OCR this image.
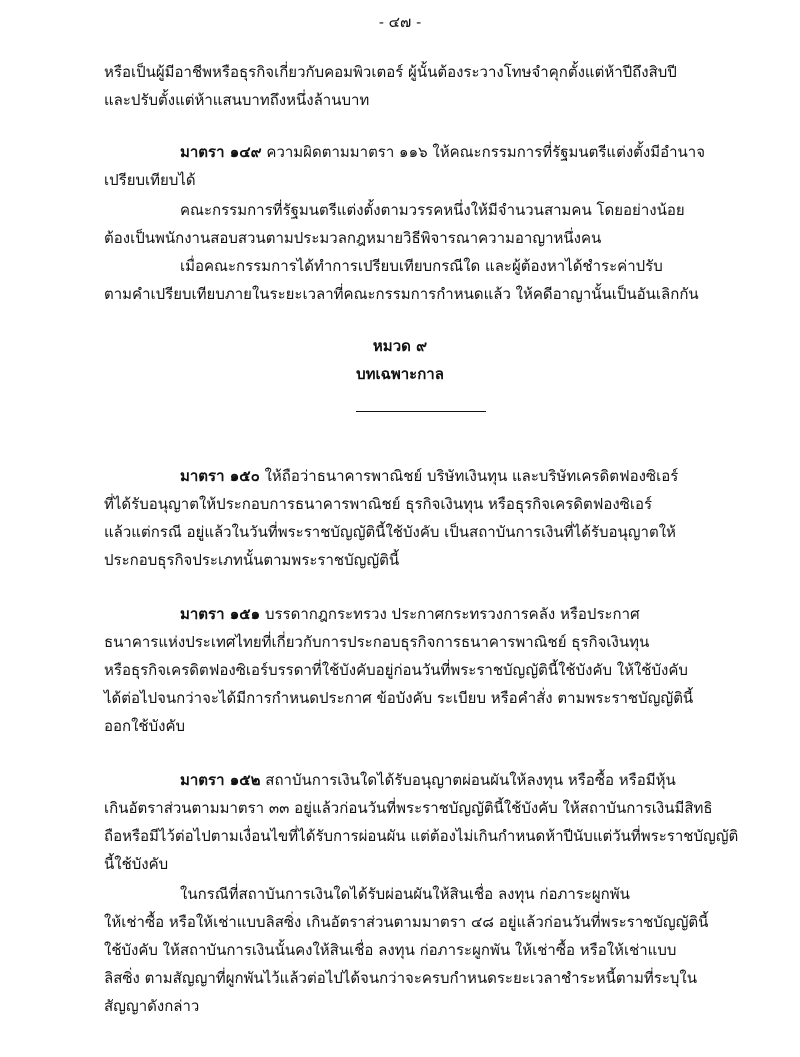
- ๔๗ -
หรือเป็นผู้มีอาชีพหรือธุรกิจเกี่ยวกับคอมพิวเตอร์ ผู้นั้นต้องระวางโทษจำคุกตั้งแต่ห้าปีถึงสิบปี
และปรับตั้งแต่ห้าแสนบาทถึงหนึ่งล้านบาท
มาตรา ๑๔๙ ความผิดตามมาตรา ๑๑๖ ให้คณะกรรมการที่รัฐมนตรีแต่งตั้งมีอำนาจ
เปรียบเทียบได้
คณะกรรมการที่รัฐมนตรีแต่งตั้งตามวรรคหนึ่งให้มีจำนวนสามคน โดยอย่างน้อย
ต้องเป็นพนักงานสอบสวนตามประมวลกฎหมายวิธีพิจารณาความอาญาหนึ่งคน
เมื่อคณะกรรมการได้ทำการเปรียบเทียบกรณีใด และผู้ต้องหาได้ชำระค่าปรับ
ตามคำเปรียบเทียบภายในระยะเวลาที่คณะกรรมการกำหนดแล้ว ให้คดีอาญานั้นเป็นอันเลิกกัน
หมวด ๙
บทเฉพาะกาล
มาตรา ๑๕๐ ให้ถือว่าธนาคารพาณิชย์ บริษัทเงินทุน และบริษัทเครดิตฟองซิเอร์
ที่ได้รับอนุญาตให้ประกอบการธนาคารพาณิชย์ ธุรกิจเงินทุน หรือธุรกิจเครดิตฟองซิเอร์
แล้วแต่กรณี อยู่แล้วในวันที่พระราชบัญญัตินี้ใช้บังคับ เป็นสถาบันการเงินที่ได้รับอนุญาตให้
ประกอบธุรกิจประเภทนั้นตามพระราชบัญญัตินี้
มาตรา ๑๕๑ บรรดากฎกระทรวง ประกาศกระทรวงการคลัง หรือประกาศ
ธนาคารแห่งประเทศไทยที่เกี่ยวกับการประกอบธุรกิจการธนาคารพาณิชย์ ธุรกิจเงินทุน
หรือธุรกิจเครดิตฟองซิเอร์บรรดาที่ใช้บังคับอยู่ก่อนวันที่พระราชบัญญัตินี้ใช้บังคับ ให้ใช้บังคับ
ได้ต่อไปจนกว่าจะได้มีการกำหนดประกาศ ข้อบังคับ ระเบียบ หรือคำสั่ง ตามพระราชบัญญัตินี้
ออกใช้บังคับ
มาตรา ๑๕๒ สถาบันการเงินใดได้รับอนุญาตผ่อนผันให้ลงทุน หรือซื้อ หรือมีหุ้น
เกินอัตราส่วนตามมาตรา ๓๓ อยู่แล้วก่อนวันที่พระราชบัญญัตินี้ใช้บังคับ ให้สถาบันการเงินมีสิทธิ
ถือหรือมีไว้ต่อไปตามเงื่อนไขที่ได้รับการผ่อนผัน แต่ต้องไม่เกินกำหนดห้าปีนับแต่วันที่พระราชบัญญัติ
นี้ใช้บังคับ
ในกรณีที่สถาบันการเงินใดได้รับผ่อนผันให้สินเชื่อ ลงทุน ก่อภาระผูกพัน
ให้เช่าซื้อ หรือให้เช่าแบบลิสซิ่ง เกินอัตราส่วนตามมาตรา ๔๘ อยู่แล้วก่อนวันที่พระราชบัญญัตินี้
ใช้บังคับ ให้สถาบันการเงินนั้นคงให้สินเชื่อ ลงทุน ก่อภาระผูกพัน ให้เช่าซื้อ หรือให้เช่าแบบ
ลิสซิ่ง ตามสัญญาที่ผูกพันไว้แล้วต่อไปได้จนกว่าจะครบกำหนดระยะเวลาชำระหนี้ตามที่ระบุใน
สัญญาดังกล่าว
